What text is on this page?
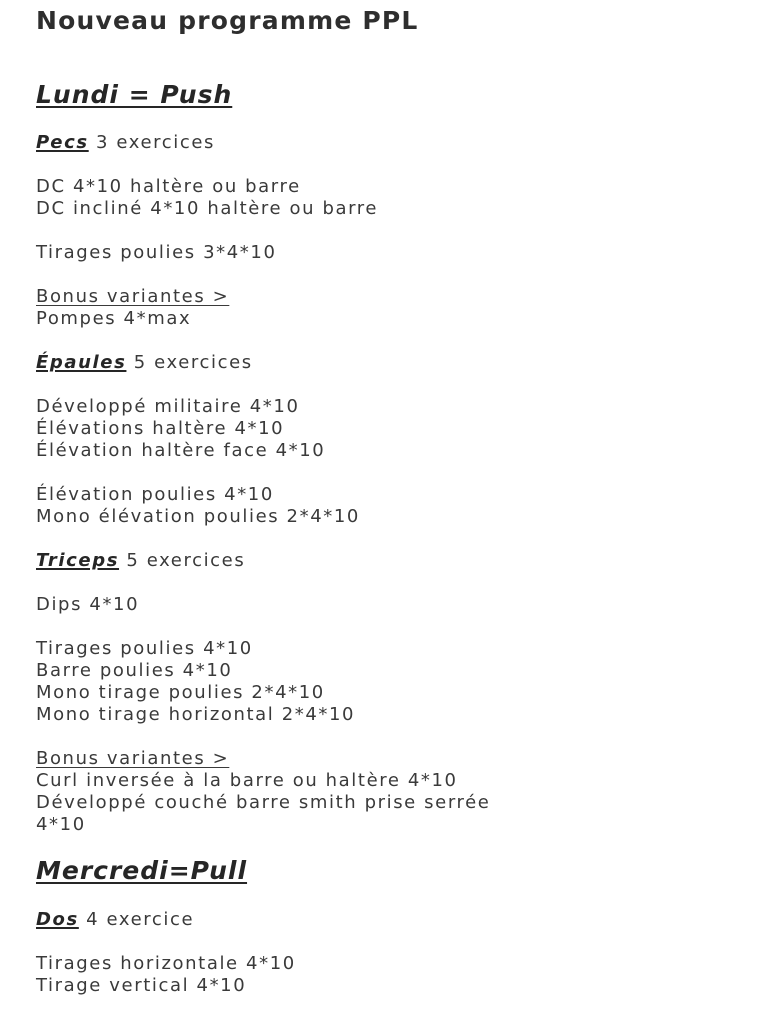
Nouveau programme PPL
Lundi = Push

Pecs 3 exercices

DC 4*10 haltère ou barre

DC incliné 4*10 haltère ou barre

Tirages poulies 3*4*10

Bonus variantes >

Pompes 4*max

Épaules 5 exercices

Développé militaire 4*10

Élévations haltère 4*10

Élévation haltère face 4*10

Élévation poulies 4*10

Mono élévation poulies 2*4*10

Triceps 5 exercices

Dips 4*10

Tirages poulies 4*10

Barre poulies 4*10

Mono tirage poulies 2*4*10

Mono tirage horizontal 2*4*10

Bonus variantes >

Curl inversée à la barre ou haltère 4*10

Développé couché barre smith prise serrée

4*10

Mercredi=Pull

Dos 4 exercice

Tirages horizontale 4*10

Tirage vertical 4*10
